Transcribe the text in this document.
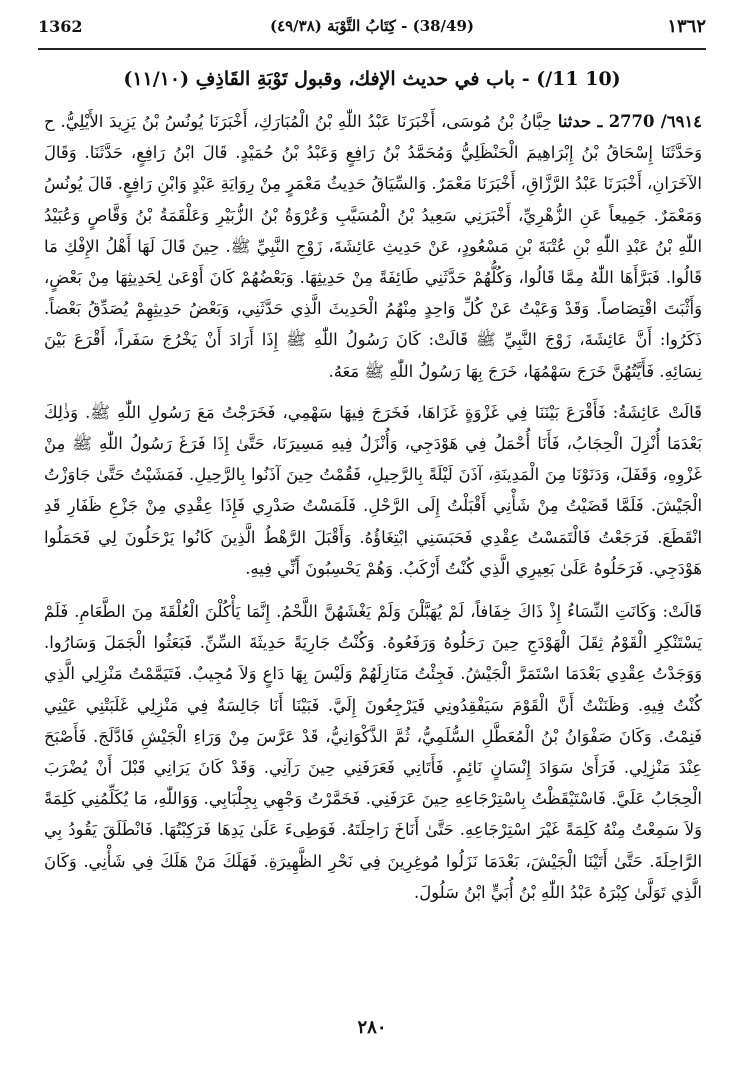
1362	(38/49) - كِتَابُ التَّوْبَة (٤٩/٣٨)	١٣٦٢
(10 11/) - باب في حديث الإفك، وقبول تَوْبَةِ القَاذِفِ (١١/١٠)

٦٩١٤/ 2770 ـ حدثنا حِبَّانُ بْنُ مُوسَى، أَخْبَرَنَا عَبْدُ اللّٰهِ بْنُ الْمُبَارَكِ، أَخْبَرَنَا يُونُسُ بْنُ يَزِيدَ الأَيْلِيُّ. ح وَحَدَّثَنَا إِسْحَاقُ بْنُ إِبْرَاهِيمَ الْحَنْظَلِيُّ وَمُحَمَّدُ بْنُ رَافِعٍ وَعَبْدُ بْنُ حُمَيْدٍ. قَالَ ابْنُ رَافِعٍ، حَدَّثَنَا. وَقَالَ الآخَرَانِ، أَخْبَرَنَا عَبْدُ الرَّزَّاقِ، أَخْبَرَنَا مَعْمَرٌ. وَالسِّيَاقُ حَدِيثُ مَعْمَرٍ مِنْ رِوَايَةِ عَبْدٍ وَابْنِ رَافِعٍ. قَالَ يُونُسُ وَمَعْمَرٌ. جَمِيعاً عَنِ الزُّهْرِيِّ، أَخْبَرَنِي سَعِيدُ بْنُ الْمُسَيَّبِ وَعُرْوَةُ بْنُ الزُّبَيْرِ وَعَلْقَمَةُ بْنُ وَقَّاصٍ وَعُبَيْدُ اللّٰهِ بْنُ عَبْدِ اللّٰهِ بْنِ عُتْبَةَ بْنِ مَسْعُودٍ، عَنْ حَدِيثِ عَائِشَةَ، زَوْجِ النَّبِيِّ ﷺ. حِينَ قَالَ لَهَا أَهْلُ الإِفْكِ مَا قَالُوا. فَبَرَّأَهَا اللّٰهُ مِمَّا قَالُوا، وَكُلُّهُمْ حَدَّثَنِي طَائِفَةً مِنْ حَدِيثِهَا. وَبَعْضُهُمْ كَانَ أَوْعَىٰ لِحَدِيثِهَا مِنْ بَعْضٍ، وَأَثْبَتَ اقْتِصَاصاً. وَقَدْ وَعَيْتُ عَنْ كُلِّ وَاحِدٍ مِنْهُمُ الْحَدِيثَ الَّذِي حَدَّثَنِي، وَبَعْضُ حَدِيثِهِمْ يُصَدِّقُ بَعْضاً. ذَكَرُوا: أَنَّ عَائِشَةَ، زَوْجَ النَّبِيِّ ﷺ قَالَتْ: كَانَ رَسُولُ اللّٰهِ ﷺ إِذَا أَرَادَ أَنْ يَخْرُجَ سَفَراً، أَقْرَعَ بَيْنَ نِسَائِهِ. فَأَيَّتُهُنَّ خَرَجَ سَهْمُهَا، خَرَجَ بِهَا رَسُولُ اللّٰهِ ﷺ مَعَهُ.

قَالَتْ عَائِشَةُ: فَأَقْرَعَ بَيْنَنَا فِي غَزْوَةٍ غَزَاهَا، فَخَرَجَ فِيهَا سَهْمِي، فَخَرَجْتُ مَعَ رَسُولِ اللّٰهِ ﷺ. وَذٰلِكَ بَعْدَمَا أُنْزِلَ الْحِجَابُ، فَأَنَا أُحْمَلُ فِي هَوْدَجِي، وَأُنْزَلُ فِيهِ مَسِيرَنَا، حَتَّىٰ إِذَا فَرَغَ رَسُولُ اللّٰهِ ﷺ مِنْ غَزْوِهِ، وَقَفَلَ، وَدَنَوْنَا مِنَ الْمَدِينَةِ، آذَنَ لَيْلَةً بِالرَّحِيلِ، فَقُمْتُ حِينَ آذَنُوا بِالرَّحِيلِ. فَمَشَيْتُ حَتَّىٰ جَاوَزْتُ الْجَيْشَ. فَلَمَّا قَضَيْتُ مِنْ شَأْنِي أَقْبَلْتُ إِلَى الرَّحْلِ. فَلَمَسْتُ صَدْرِي فَإِذَا عِقْدِي مِنْ جَزْعِ ظَفَارِ قَدِ انْقَطَعَ. فَرَجَعْتُ فَالْتَمَسْتُ عِقْدِي فَحَبَسَنِي ابْتِغَاؤُهُ. وَأَقْبَلَ الرَّهْطُ الَّذِينَ كَانُوا يَرْحَلُونَ لِي فَحَمَلُوا هَوْدَجِي. فَرَحَلُوهُ عَلَىٰ بَعِيرِي الَّذِي كُنْتُ أَرْكَبُ. وَهُمْ يَحْسِبُونَ أَنِّي فِيهِ.

قَالَتْ: وَكَانَتِ النِّسَاءُ إِذْ ذَاكَ خِفَافاً، لَمْ يُهَبَّلْنَ وَلَمْ يَغْشَهُنَّ اللَّحْمُ. إِنَّمَا يَأْكُلْنَ الْعُلْقَةَ مِنَ الطَّعَامِ. فَلَمْ يَسْتَنْكِرِ الْقَوْمُ ثِقَلَ الْهَوْدَجِ حِينَ رَحَلُوهُ وَرَفَعُوهُ. وَكُنْتُ جَارِيَةً حَدِيثَةَ السِّنِّ. فَبَعَثُوا الْجَمَلَ وَسَارُوا. وَوَجَدْتُ عِقْدِي بَعْدَمَا اسْتَمَرَّ الْجَيْشُ. فَجِئْتُ مَنَازِلَهُمْ وَلَيْسَ بِهَا دَاعٍ وَلاَ مُجِيبٌ. فَتَيَمَّمْتُ مَنْزِلِي الَّذِي كُنْتُ فِيهِ. وَظَنَنْتُ أَنَّ الْقَوْمَ سَيَفْقِدُونِي فَيَرْجِعُونَ إِلَيَّ. فَبَيْنَا أَنَا جَالِسَةٌ فِي مَنْزِلِي غَلَبَتْنِي عَيْنِي فَنِمْتُ. وَكَانَ صَفْوَانُ بْنُ الْمُعَطَّلِ السُّلَمِيُّ، ثُمَّ الذَّكْوَانِيُّ، قَدْ عَرَّسَ مِنْ وَرَاءِ الْجَيْشِ فَادَّلَجَ. فَأَصْبَحَ عِنْدَ مَنْزِلِي. فَرَأَىٰ سَوَادَ إِنْسَانٍ نَائِمٍ. فَأَتَانِي فَعَرَفَنِي حِينَ رَآنِي. وَقَدْ كَانَ يَرَانِي قَبْلَ أَنْ يُضْرَبَ الْحِجَابُ عَلَيَّ. فَاسْتَيْقَظْتُ بِاسْتِرْجَاعِهِ حِينَ عَرَفَنِي. فَخَمَّرْتُ وَجْهِي بِجِلْبَابِي. وَوَاللّٰهِ، مَا يُكَلِّمُنِي كَلِمَةً وَلاَ سَمِعْتُ مِنْهُ كَلِمَةً غَيْرَ اسْتِرْجَاعِهِ. حَتَّىٰ أَنَاخَ رَاحِلَتَهُ. فَوَطِىءَ عَلَىٰ يَدِهَا فَرَكِبْتُهَا. فَانْطَلَقَ يَقُودُ بِي الرَّاحِلَةَ. حَتَّىٰ أَتَيْنَا الْجَيْشَ، بَعْدَمَا نَزَلُوا مُوغِرِينَ فِي نَحْرِ الظَّهِيرَةِ. فَهَلَكَ مَنْ هَلَكَ فِي شَأْنِي. وَكَانَ الَّذِي تَوَلَّىٰ كِبْرَهُ عَبْدُ اللّٰهِ بْنُ أُبَيٍّ ابْنُ سَلُولَ.

٢٨٠
